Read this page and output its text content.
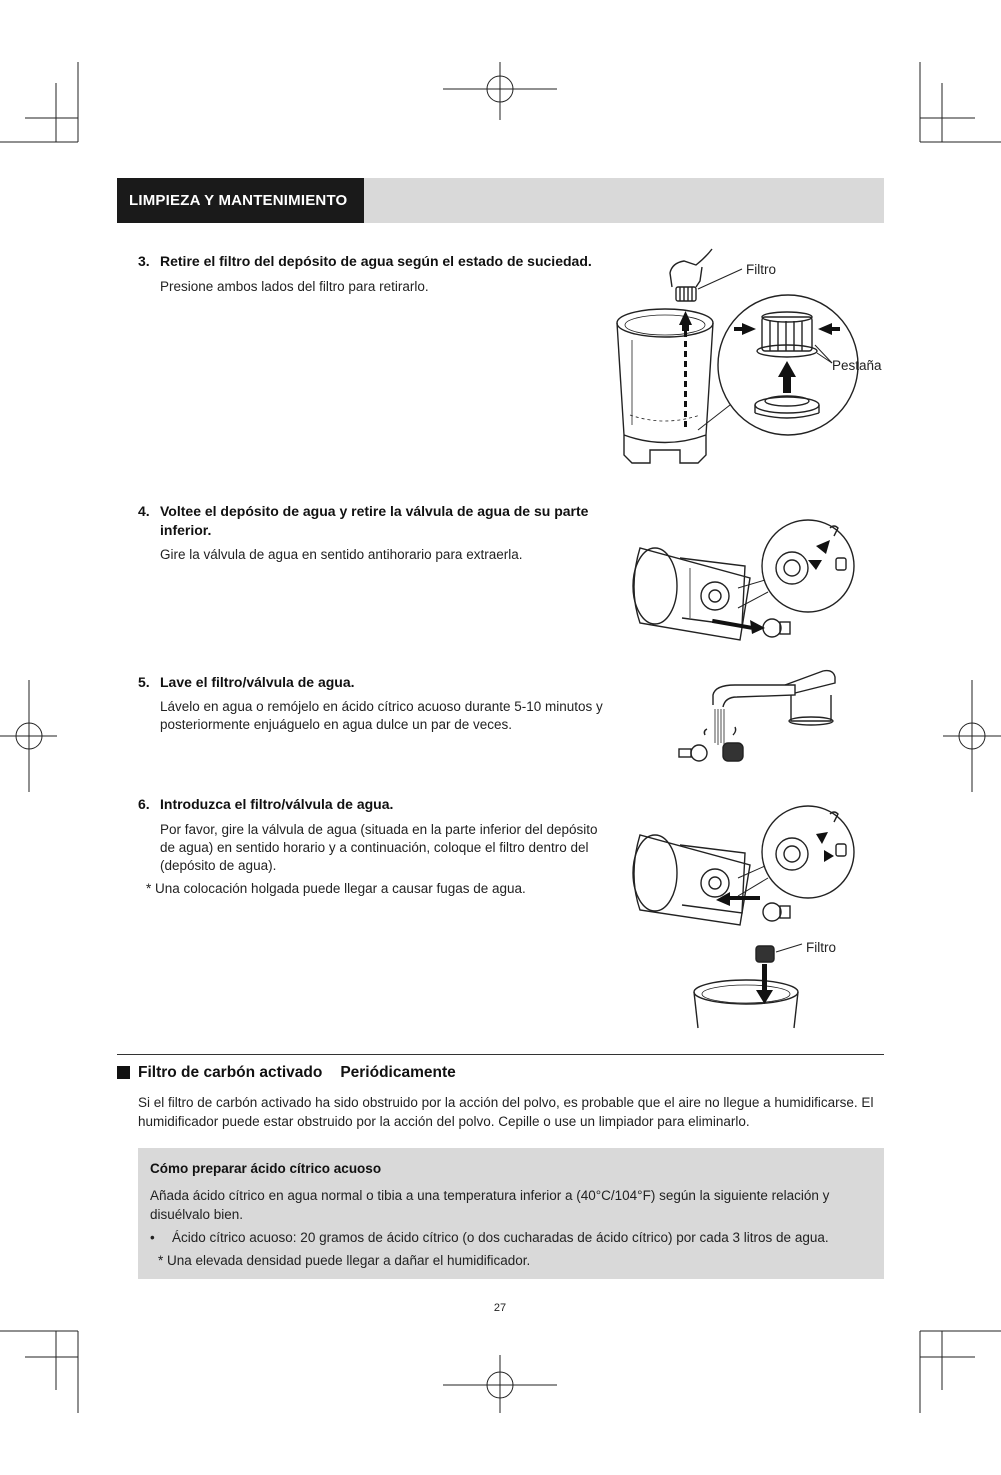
LIMPIEZA Y MANTENIMIENTO
3. Retire el filtro del depósito de agua según el estado de suciedad.
Presione ambos lados del filtro para retirarlo.
Filtro
Pestaña
4. Voltee el depósito de agua y retire la válvula de agua de su parte
inferior.
Gire la válvula de agua en sentido antihorario para extraerla.
5. Lave el filtro/válvula de agua.
Lávelo en agua o remójelo en ácido cítrico acuoso durante 5-10 minutos y
posteriormente enjuáguelo en agua dulce un par de veces.
6. Introduzca el filtro/válvula de agua.
Por favor, gire la válvula de agua (situada en la parte inferior del depósito
de agua) en sentido horario y a continuación, coloque el filtro dentro del
(depósito de agua).
* Una colocación holgada puede llegar a causar fugas de agua.
Filtro
Filtro de carbón activado Periódicamente
Si el filtro de carbón activado ha sido obstruido por la acción del polvo, es probable que el aire no llegue a humidificarse. El
humidificador puede estar obstruido por la acción del polvo. Cepille o use un limpiador para eliminarlo.
Cómo preparar ácido cítrico acuoso
Añada ácido cítrico en agua normal o tibia a una temperatura inferior a (40°C/104°F) según la siguiente relación y
disuélvalo bien.
• Ácido cítrico acuoso: 20 gramos de ácido cítrico (o dos cucharadas de ácido cítrico) por cada 3 litros de agua.
* Una elevada densidad puede llegar a dañar el humidificador.
27
